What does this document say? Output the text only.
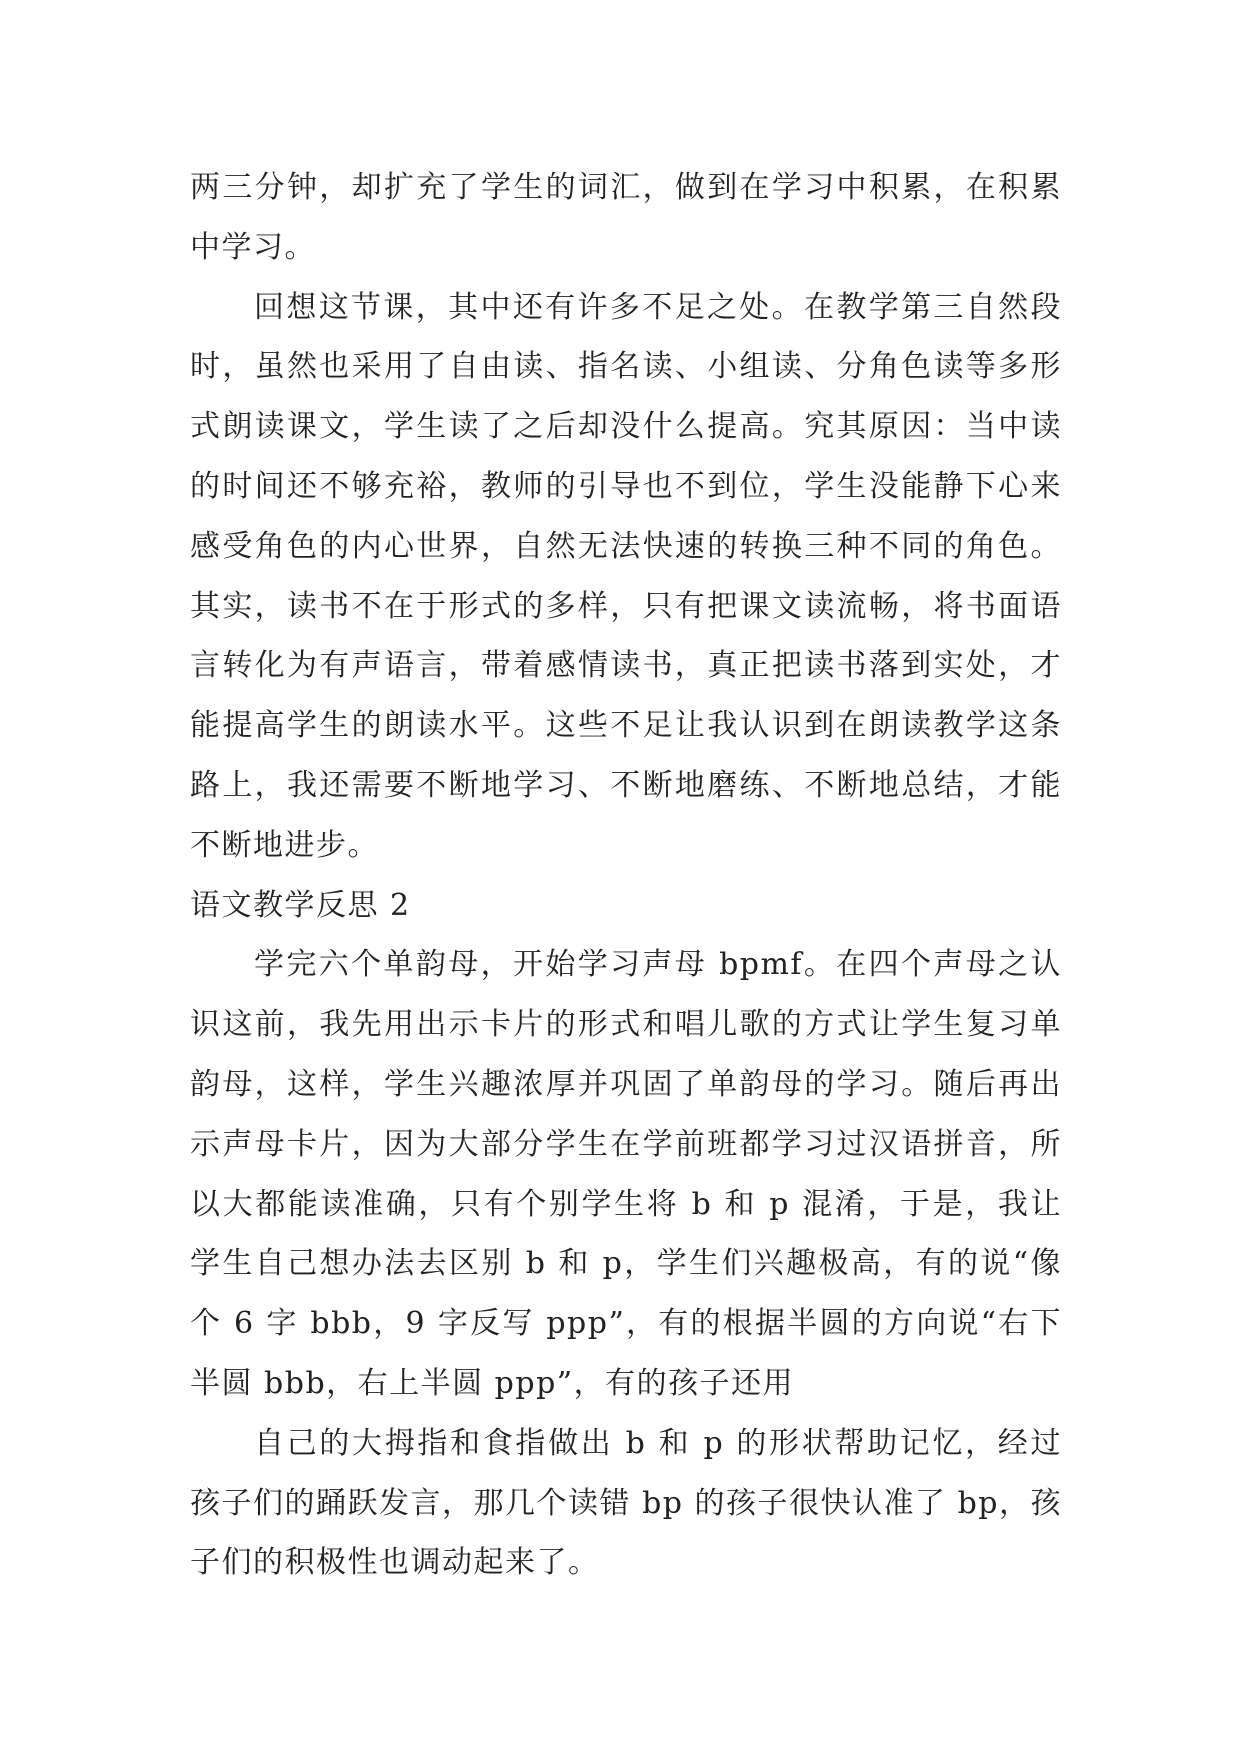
两三分钟，却扩充了学生的词汇，做到在学习中积累，在积累中学习。

回想这节课，其中还有许多不足之处。在教学第三自然段时，虽然也采用了自由读、指名读、小组读、分角色读等多形式朗读课文，学生读了之后却没什么提高。究其原因：当中读的时间还不够充裕，教师的引导也不到位，学生没能静下心来感受角色的内心世界，自然无法快速的转换三种不同的角色。其实，读书不在于形式的多样，只有把课文读流畅，将书面语言转化为有声语言，带着感情读书，真正把读书落到实处，才能提高学生的朗读水平。这些不足让我认识到在朗读教学这条路上，我还需要不断地学习、不断地磨练、不断地总结，才能不断地进步。

语文教学反思 2

学完六个单韵母，开始学习声母 bpmf。在四个声母之认识这前，我先用出示卡片的形式和唱儿歌的方式让学生复习单韵母，这样，学生兴趣浓厚并巩固了单韵母的学习。随后再出示声母卡片，因为大部分学生在学前班都学习过汉语拼音，所以大都能读准确，只有个别学生将 b 和 p 混淆，于是，我让学生自己想办法去区别 b 和 p，学生们兴趣极高，有的说“像个 6 字 bbb，9 字反写 ppp”，有的根据半圆的方向说“右下半圆 bbb，右上半圆 ppp”，有的孩子还用

自己的大拇指和食指做出 b 和 p 的形状帮助记忆，经过孩子们的踊跃发言，那几个读错 bp 的孩子很快认准了 bp，孩子们的积极性也调动起来了。
